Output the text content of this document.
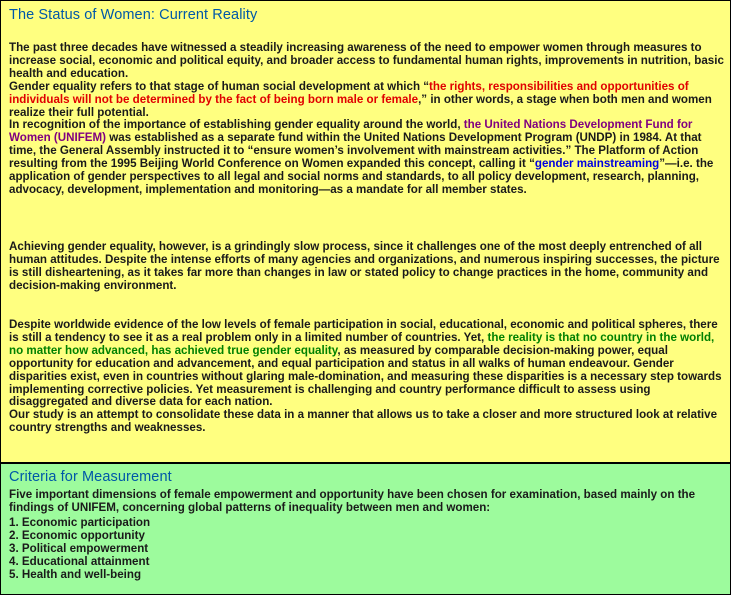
The Status of Women: Current Reality

The past three decades have witnessed a steadily increasing awareness of the need to empower women through measures to increase social, economic and political equity, and broader access to fundamental human rights, improvements in nutrition, basic health and education.
Gender equality refers to that stage of human social development at which “the rights, responsibilities and opportunities of individuals will not be determined by the fact of being born male or female,” in other words, a stage when both men and women realize their full potential.
In recognition of the importance of establishing gender equality around the world, the United Nations Development Fund for Women (UNIFEM) was established as a separate fund within the United Nations Development Program (UNDP) in 1984. At that time, the General Assembly instructed it to “ensure women’s involvement with mainstream activities.” The Platform of Action resulting from the 1995 Beijing World Conference on Women expanded this concept, calling it “gender mainstreaming”—i.e. the application of gender perspectives to all legal and social norms and standards, to all policy development, research, planning, advocacy, development, implementation and monitoring—as a mandate for all member states.

Achieving gender equality, however, is a grindingly slow process, since it challenges one of the most deeply entrenched of all human attitudes. Despite the intense efforts of many agencies and organizations, and numerous inspiring successes, the picture is still disheartening, as it takes far more than changes in law or stated policy to change practices in the home, community and decision-making environment.

Despite worldwide evidence of the low levels of female participation in social, educational, economic and political spheres, there is still a tendency to see it as a real problem only in a limited number of countries. Yet, the reality is that no country in the world, no matter how advanced, has achieved true gender equality, as measured by comparable decision-making power, equal opportunity for education and advancement, and equal participation and status in all walks of human endeavour. Gender disparities exist, even in countries without glaring male-domination, and measuring these disparities is a necessary step towards implementing corrective policies. Yet measurement is challenging and country performance difficult to assess using disaggregated and diverse data for each nation.
Our study is an attempt to consolidate these data in a manner that allows us to take a closer and more structured look at relative country strengths and weaknesses.

Criteria for Measurement

Five important dimensions of female empowerment and opportunity have been chosen for examination, based mainly on the findings of UNIFEM, concerning global patterns of inequality between men and women:

1. Economic participation
2. Economic opportunity
3. Political empowerment
4. Educational attainment
5. Health and well-being
